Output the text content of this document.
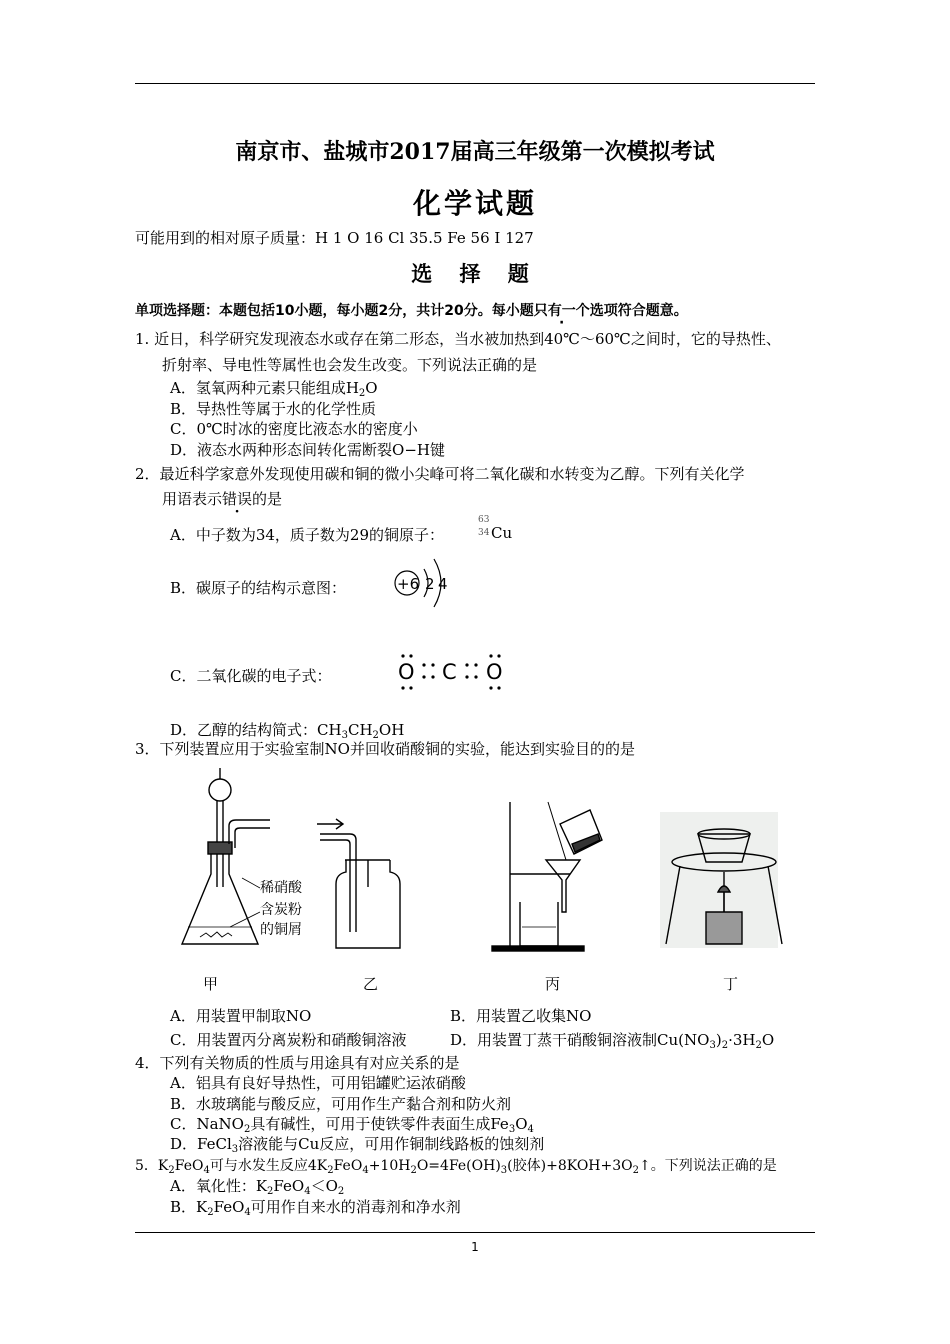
南京市、盐城市2017届高三年级第一次模拟考试
化学试题
可能用到的相对原子质量：H 1 O 16 Cl 35.5 Fe 56 I 127
选 择 题
单项选择题：本题包括10小题，每小题2分，共计20分。每小题只有一个选项符合题意。
1. 近日，科学研究发现液态水或存在第二形态，当水被加热到40℃～60℃之间时，它的导热性、
折射率、导电性等属性也会发生改变。下列说法正确的是
A．氢氧两种元素只能组成$H_2O$
B．导热性等属于水的化学性质
C．0℃时冰的密度比液态水的密度小
D．液态水两种形态间转化需断裂O−H键
2．最近科学家意外发现使用碳和铜的微小尖峰可将二氧化碳和水转变为乙醇。下列有关化学
用语表示错误的是
A．中子数为34，质子数为29的铜原子：
63
34 Cu
B．碳原子的结构示意图：	+6 2 4
C．二氧化碳的电子式：	O C O
D．乙醇的结构简式：$CH_3CH_2OH$
3．下列装置应用于实验室制NO并回收硝酸铜的实验，能达到实验目的的是
稀硝酸
含炭粉
的铜屑
甲	乙	丙	丁
A．用装置甲制取NO	B．用装置乙收集NO
C．用装置丙分离炭粉和硝酸铜溶液	D．用装置丁蒸干硝酸铜溶液制$Cu(NO_3)_2\cdot 3H_2O$
4．下列有关物质的性质与用途具有对应关系的是
A．铝具有良好导热性，可用铝罐贮运浓硝酸
B．水玻璃能与酸反应，可用作生产黏合剂和防火剂
C．NaNO$_2$具有碱性，可用于使铁零件表面生成$Fe_3O_4$
D．FeCl$_3$溶液能与Cu反应，可用作铜制线路板的蚀刻剂
5．$K_2FeO_4$可与水发生反应$4K_2FeO_4+10H_2O=4Fe(OH)_3$(胶体)$+8KOH+3O_2↑$。下列说法正确的是
A．氧化性：$K_2FeO_4<O_2$
B．$K_2FeO_4$可用作自来水的消毒剂和净水剂
1
